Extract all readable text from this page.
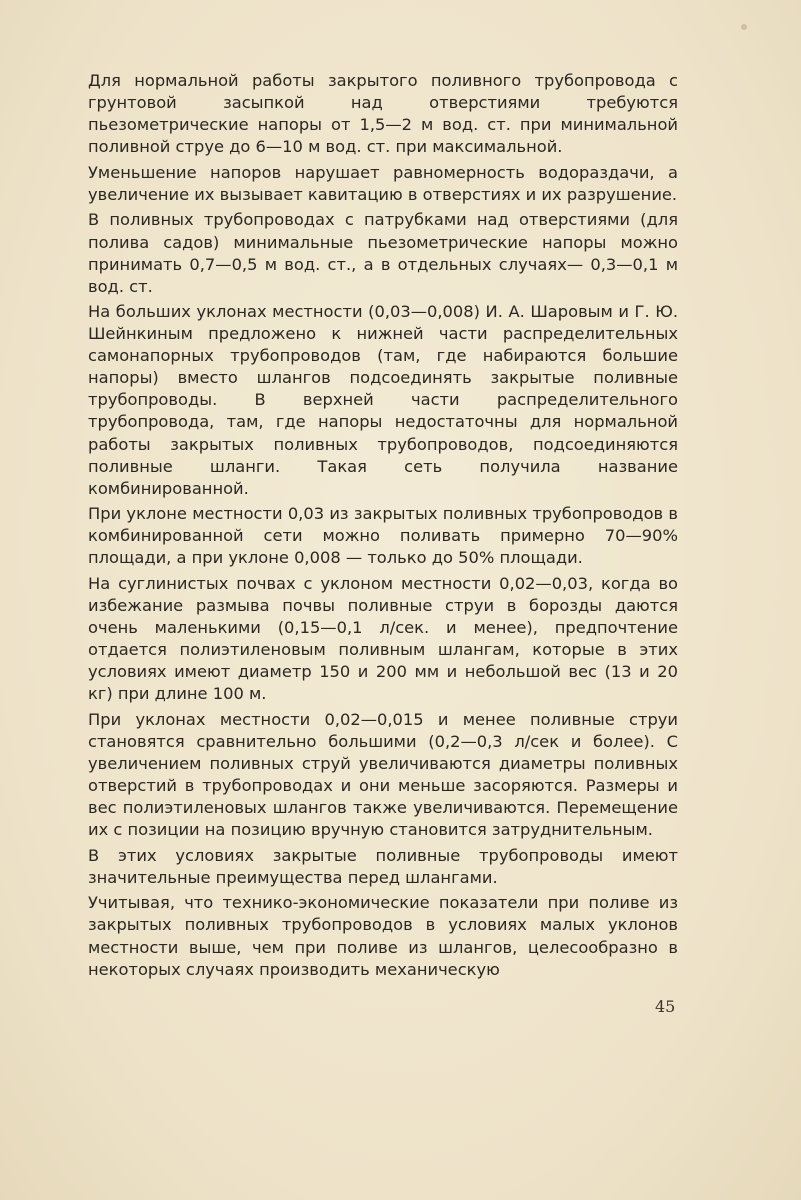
Для нормальной работы закрытого поливного трубопровода с грунтовой засыпкой над отверстиями требуются пьезометрические напоры от 1,5—2 м вод. ст. при минимальной поливной струе до 6—10 м вод. ст. при максимальной.

Уменьшение напоров нарушает равномерность водораздачи, а увеличение их вызывает кавитацию в отверстиях и их разрушение.

В поливных трубопроводах с патрубками над отверстиями (для полива садов) минимальные пьезометрические напоры можно принимать 0,7—0,5 м вод. ст., а в отдельных случаях— 0,3—0,1 м вод. ст.

На больших уклонах местности (0,03—0,008) И. А. Шаровым и Г. Ю. Шейнкиным предложено к нижней части распределительных самонапорных трубопроводов (там, где набираются большие напоры) вместо шлангов подсоединять закрытые поливные трубопроводы. В верхней части распределительного трубопровода, там, где напоры недостаточны для нормальной работы закрытых поливных трубопроводов, подсоединяются поливные шланги. Такая сеть получила название комбинированной.

При уклоне местности 0,03 из закрытых поливных трубопроводов в комбинированной сети можно поливать примерно 70—90% площади, а при уклоне 0,008 — только до 50% площади.

На суглинистых почвах с уклоном местности 0,02—0,03, когда во избежание размыва почвы поливные струи в борозды даются очень маленькими (0,15—0,1 л/сек. и менее), предпочтение отдается полиэтиленовым поливным шлангам, которые в этих условиях имеют диаметр 150 и 200 мм и небольшой вес (13 и 20 кг) при длине 100 м.

При уклонах местности 0,02—0,015 и менее поливные струи становятся сравнительно большими (0,2—0,3 л/сек и более). С увеличением поливных струй увеличиваются диаметры поливных отверстий в трубопроводах и они меньше засоряются. Размеры и вес полиэтиленовых шлангов также увеличиваются. Перемещение их с позиции на позицию вручную становится затруднительным.

В этих условиях закрытые поливные трубопроводы имеют значительные преимущества перед шлангами.

Учитывая, что технико-экономические показатели при поливе из закрытых поливных трубопроводов в условиях малых уклонов местности выше, чем при поливе из шлангов, целесообразно в некоторых случаях производить механическую

45
